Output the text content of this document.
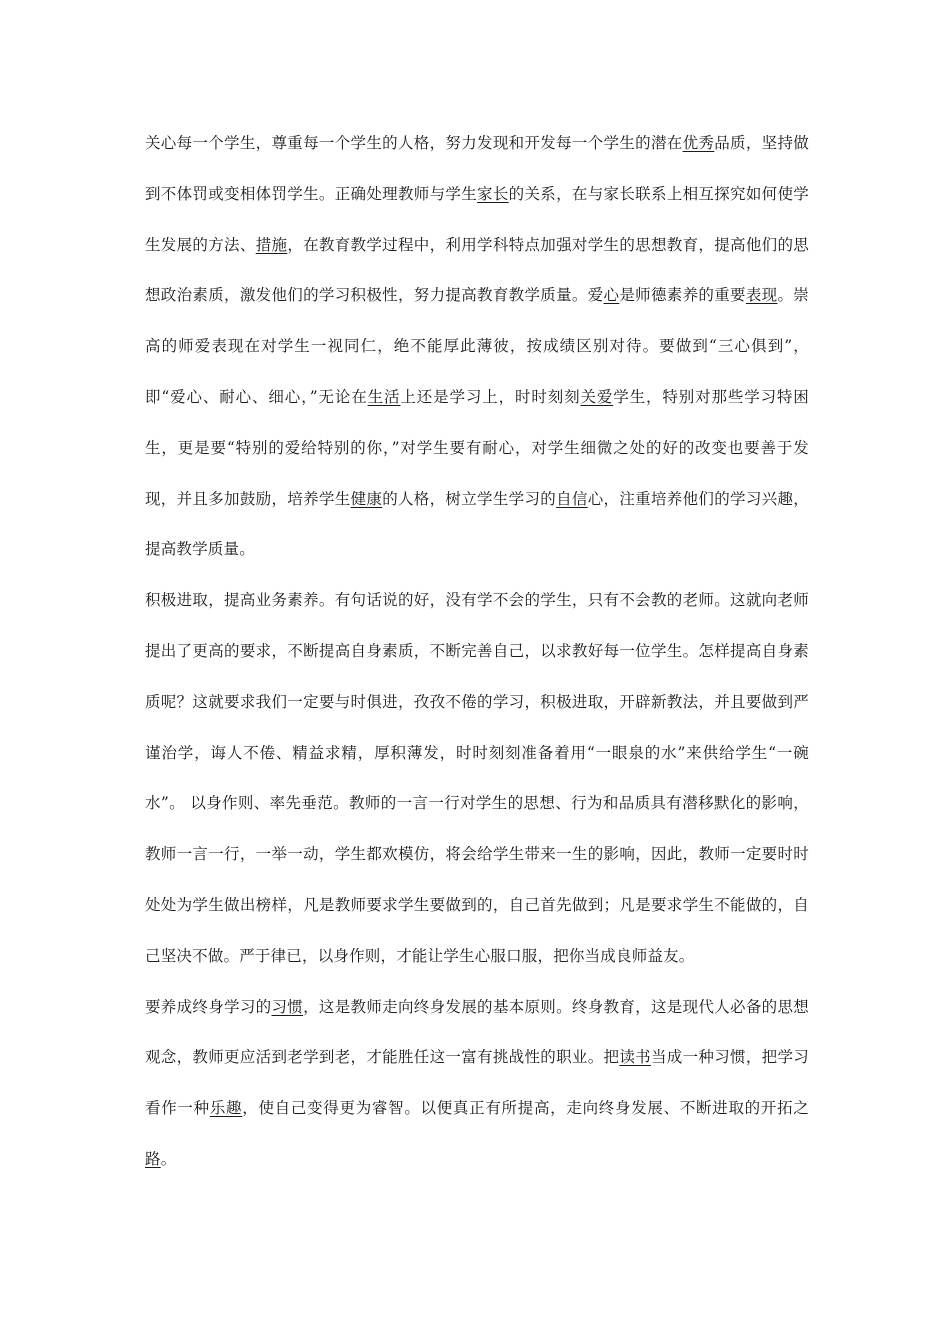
关心每一个学生，尊重每一个学生的人格，努力发现和开发每一个学生的潜在优秀品质，坚持做到不体罚或变相体罚学生。正确处理教师与学生家长的关系，在与家长联系上相互探究如何使学生发展的方法、措施，在教育教学过程中，利用学科特点加强对学生的思想教育，提高他们的思想政治素质，激发他们的学习积极性，努力提高教育教学质量。爱心是师德素养的重要表现。崇高的师爱表现在对学生一视同仁，绝不能厚此薄彼，按成绩区别对待。要做到“三心俱到”，即“爱心、耐心、细心，”无论在生活上还是学习上，时时刻刻关爱学生，特别对那些学习特困生，更是要“特别的爱给特别的你，”对学生要有耐心，对学生细微之处的好的改变也要善于发现，并且多加鼓励，培养学生健康的人格，树立学生学习的自信心，注重培养他们的学习兴趣，提高教学质量。

积极进取，提高业务素养。有句话说的好，没有学不会的学生，只有不会教的老师。这就向老师提出了更高的要求，不断提高自身素质，不断完善自己，以求教好每一位学生。怎样提高自身素质呢？这就要求我们一定要与时俱进，孜孜不倦的学习，积极进取，开辟新教法，并且要做到严谨治学，诲人不倦、精益求精，厚积薄发，时时刻刻准备着用“一眼泉的水”来供给学生“一碗水”。 以身作则、率先垂范。教师的一言一行对学生的思想、行为和品质具有潜移默化的影响，教师一言一行，一举一动，学生都欢模仿，将会给学生带来一生的影响，因此，教师一定要时时处处为学生做出榜样，凡是教师要求学生要做到的，自己首先做到；凡是要求学生不能做的，自己坚决不做。严于律已，以身作则，才能让学生心服口服，把你当成良师益友。

要养成终身学习的习惯，这是教师走向终身发展的基本原则。终身教育，这是现代人必备的思想观念，教师更应活到老学到老，才能胜任这一富有挑战性的职业。把读书当成一种习惯，把学习看作一种乐趣，使自己变得更为睿智。以便真正有所提高，走向终身发展、不断进取的开拓之路。
